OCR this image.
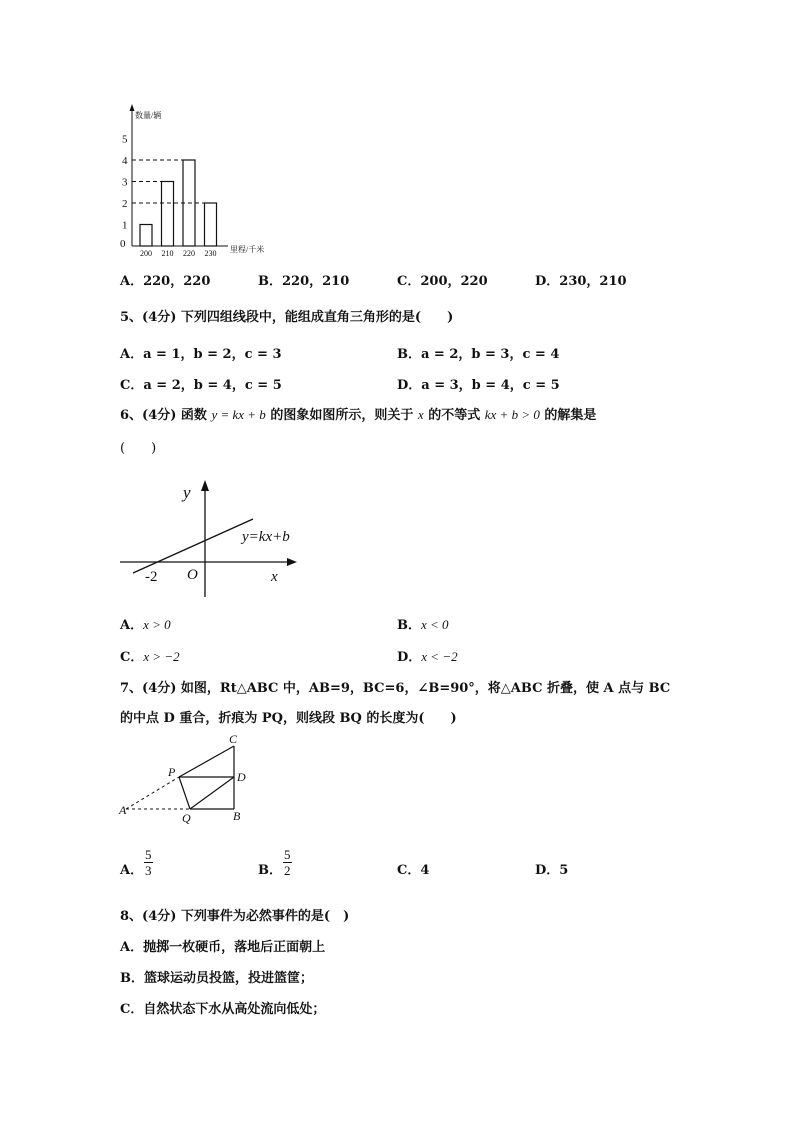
数量/辆
里程/千米
0
1
2
3
4
5
200 210 220 230
A．220，220	B．220，210	C．200，220	D．230，210
5、(4分) 下列四组线段中，能组成直角三角形的是(　　)
A．a = 1，b = 2，c = 3	B．a = 2，b = 3，c = 4
C．a = 2，b = 4，c = 5	D．a = 3，b = 4，c = 5
6、(4分) 函数 y = kx + b 的图象如图所示，则关于 x 的不等式 kx + b > 0 的解集是
(　　)
y
y=kx+b
-2 O	x
A．x > 0	B．x < 0
C．x > −2	D．x < −2
7、(4分) 如图，Rt△ABC 中，AB=9，BC=6，∠B=90°，将△ABC 折叠，使 A 点与 BC
的中点 D 重合，折痕为 PQ，则线段 BQ 的长度为(　　)
C
P	D
A
Q	B
A． $\frac{5}{3}$	B． $\frac{5}{2}$	C．4	D．5
8、(4分) 下列事件为必然事件的是(　)
A．抛掷一枚硬币，落地后正面朝上
B．篮球运动员投篮，投进篮筐；
C．自然状态下水从高处流向低处；
